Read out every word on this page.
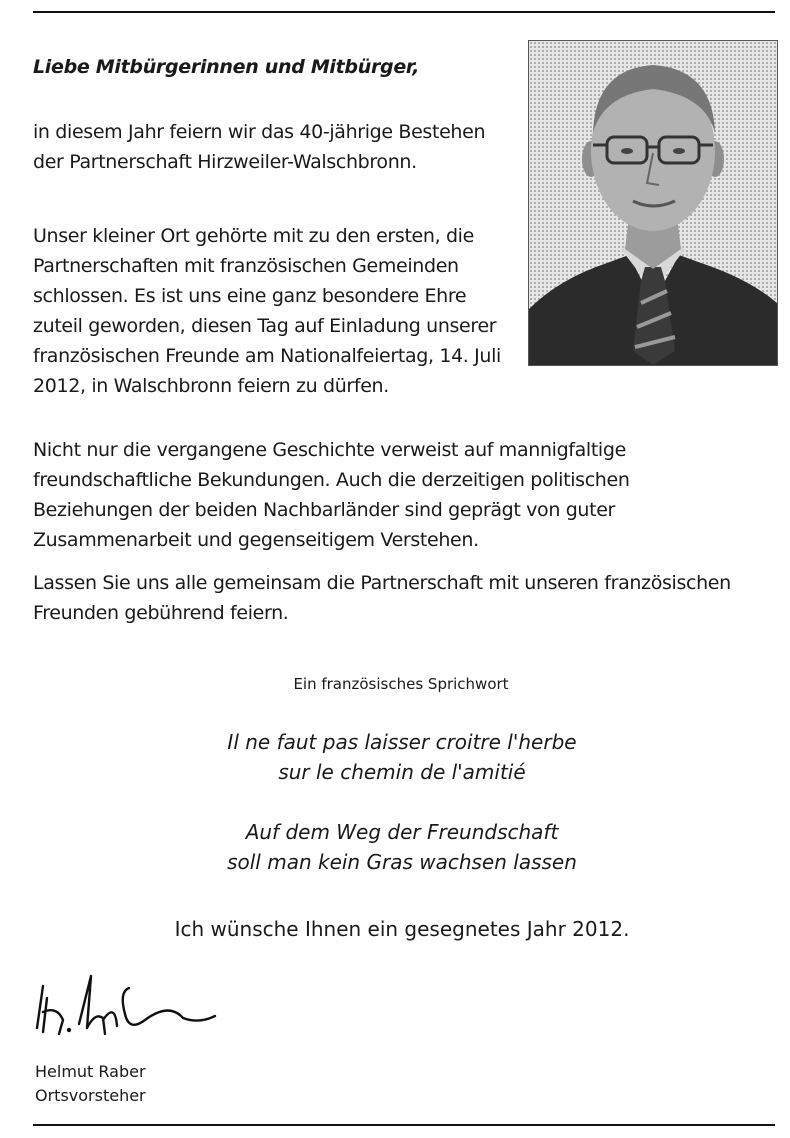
Liebe Mitbürgerinnen und Mitbürger,

in diesem Jahr feiern wir das 40-jährige Bestehen der Partnerschaft Hirzweiler-Walschbronn.

Unser kleiner Ort gehörte mit zu den ersten, die Partnerschaften mit französischen Gemeinden schlossen. Es ist uns eine ganz besondere Ehre zuteil geworden, diesen Tag auf Einladung unserer französischen Freunde am Nationalfeiertag, 14. Juli 2012, in Walschbronn feiern zu dürfen.

Nicht nur die vergangene Geschichte verweist auf mannigfaltige freundschaftliche Bekundungen. Auch die derzeitigen politischen Beziehungen der beiden Nachbarländer sind geprägt von guter Zusammenarbeit und gegenseitigem Verstehen.

Lassen Sie uns alle gemeinsam die Partnerschaft mit unseren französischen Freunden gebührend feiern.

Ein französisches Sprichwort

Il ne faut pas laisser croitre l'herbe
sur le chemin de l'amitié
Auf dem Weg der Freundschaft
soll man kein Gras wachsen lassen

Ich wünsche Ihnen ein gesegnetes Jahr 2012.

Helmut Raber
Ortsvorsteher
